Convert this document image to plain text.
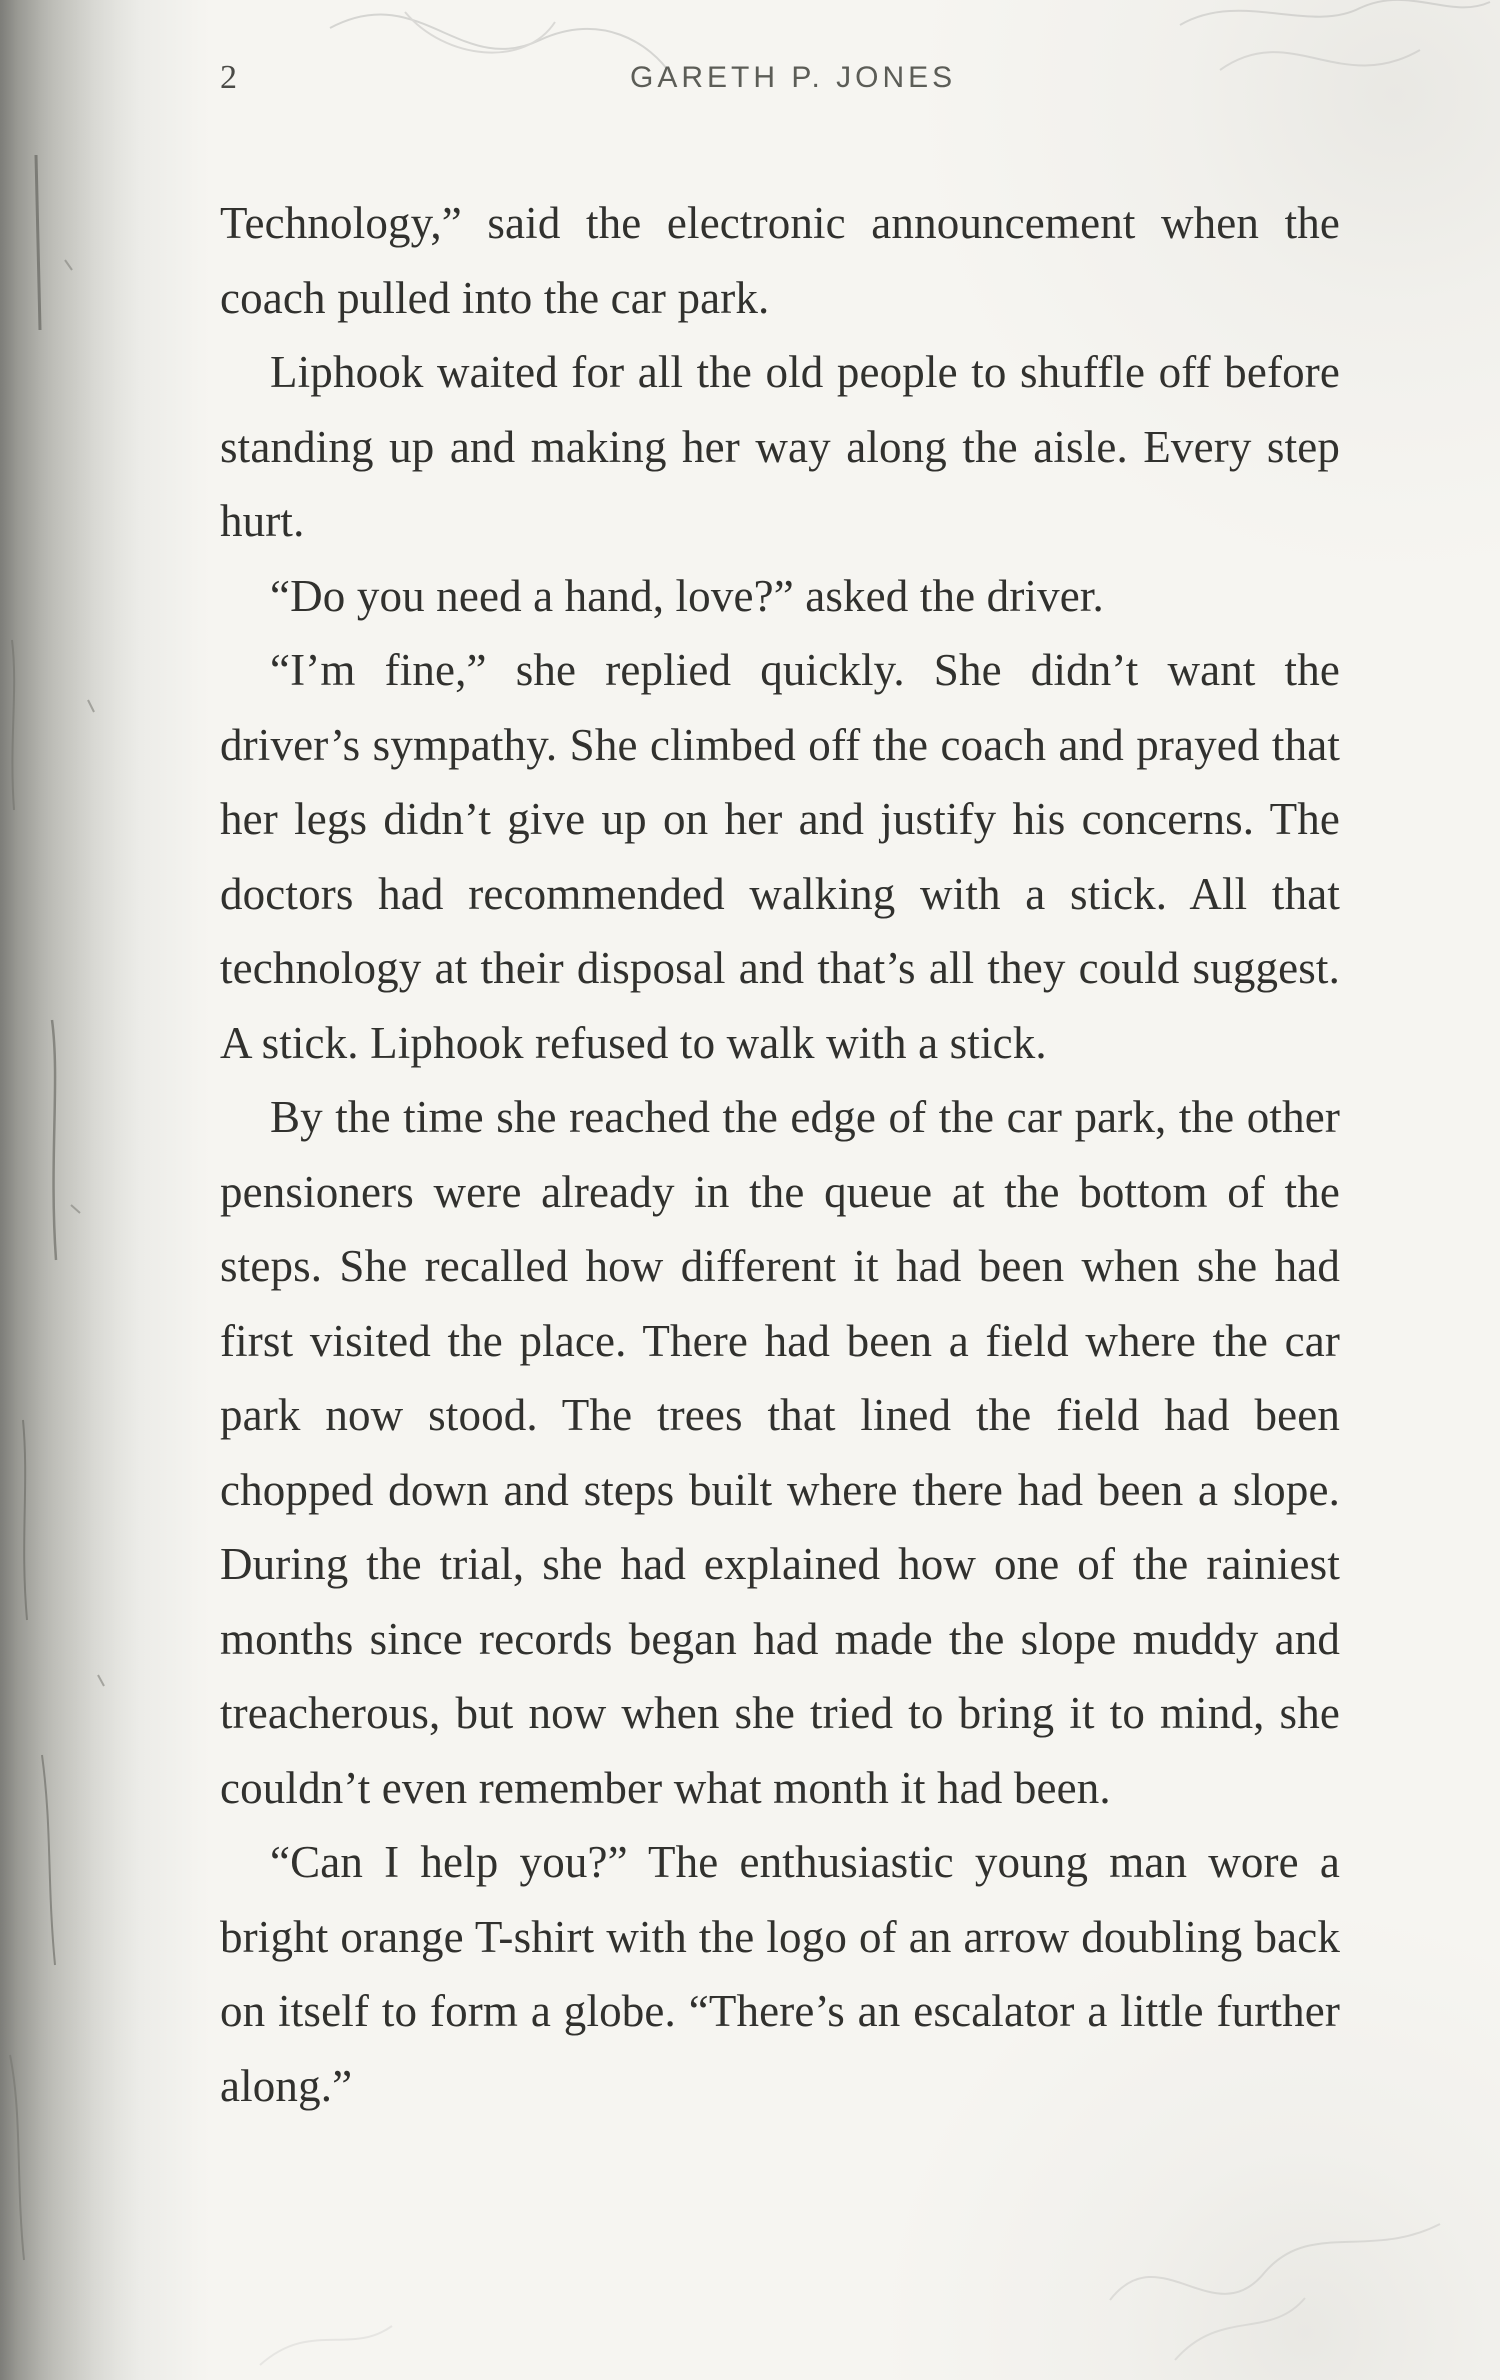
2	GARETH P. JONES

Technology,” said the electronic announcement when the coach pulled into the car park.

Liphook waited for all the old people to shuffle off before standing up and making her way along the aisle. Every step hurt.

“Do you need a hand, love?” asked the driver.

“I’m fine,” she replied quickly. She didn’t want the driver’s sympathy. She climbed off the coach and prayed that her legs didn’t give up on her and justify his concerns. The doctors had recommended walking with a stick. All that technology at their disposal and that’s all they could suggest. A stick. Liphook refused to walk with a stick.

By the time she reached the edge of the car park, the other pensioners were already in the queue at the bottom of the steps. She recalled how different it had been when she had first visited the place. There had been a field where the car park now stood. The trees that lined the field had been chopped down and steps built where there had been a slope. During the trial, she had explained how one of the rainiest months since records began had made the slope muddy and treacherous, but now when she tried to bring it to mind, she couldn’t even remember what month it had been.

“Can I help you?” The enthusiastic young man wore a bright orange T-shirt with the logo of an arrow doubling back on itself to form a globe. “There’s an escalator a little further along.”
